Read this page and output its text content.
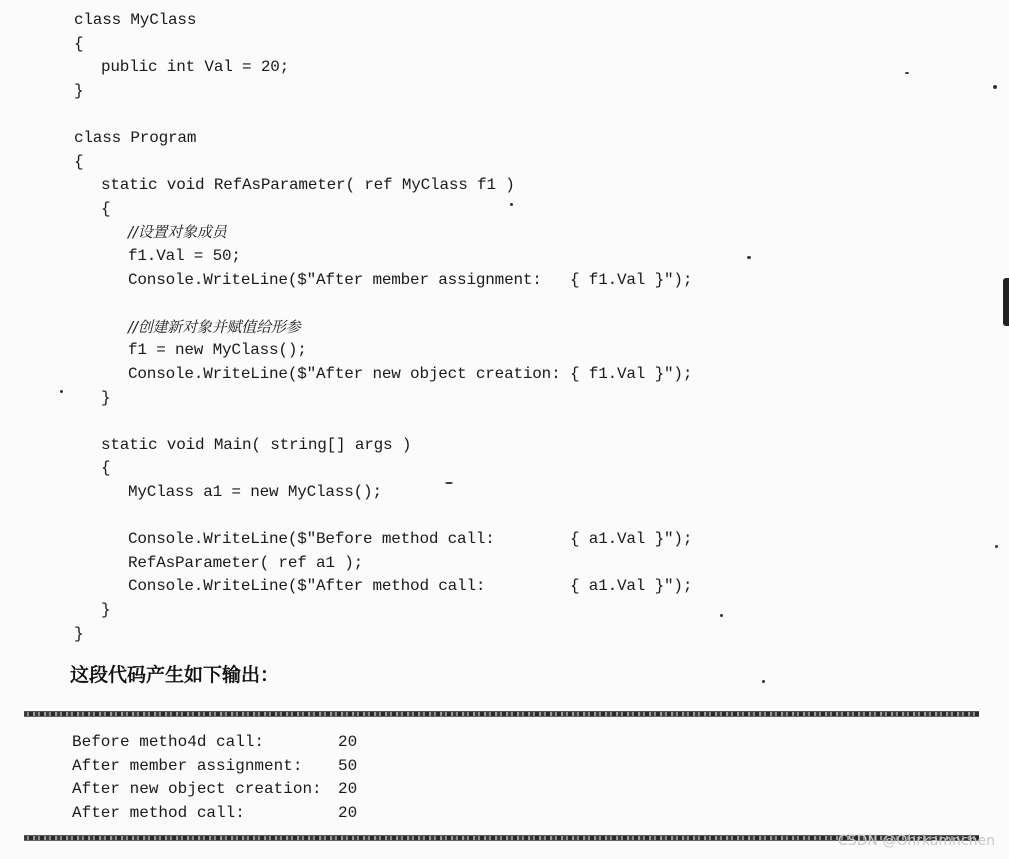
class MyClass
{
public int Val = 20;
}
class Program
{
static void RefAsParameter( ref MyClass f1 )
{
//设置对象成员
f1.Val = 50;
Console.WriteLine($"After member assignment: { f1.Val }");
//创建新对象并赋值给形参
f1 = new MyClass();
Console.WriteLine($"After new object creation: { f1.Val }");
}
static void Main( string[] args )
{
MyClass a1 = new MyClass();
Console.WriteLine($"Before method call:	{ a1.Val }");
RefAsParameter( ref a1 );
Console.WriteLine($"After method call:	{ a1.Val }");
}
}
这段代码产生如下输出：
Before metho4d call:	20
After member assignment: 50
After new object creation: 20
After method call:	20
CSDN @Ohrkamnchen
